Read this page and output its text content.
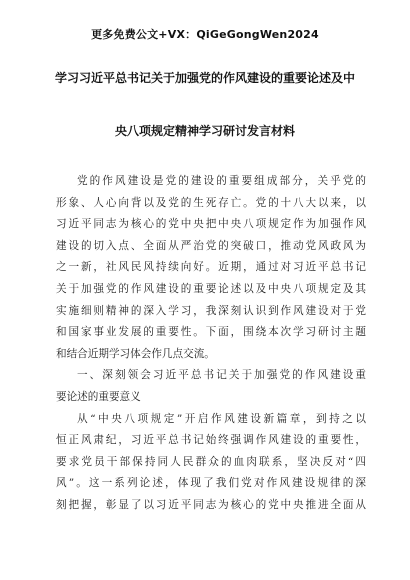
更多免费公文+VX：QiGeGongWen2024
学习习近平总书记关于加强党的作风建设的重要论述及中
央八项规定精神学习研讨发言材料
党的作风建设是党的建设的重要组成部分，关乎党的
形象、人心向背以及党的生死存亡。党的十八大以来，以
习近平同志为核心的党中央把中央八项规定作为加强作风
建设的切入点、全面从严治党的突破口，推动党风政风为
之一新，社风民风持续向好。近期，通过对习近平总书记
关于加强党的作风建设的重要论述以及中央八项规定及其
实施细则精神的深入学习，我深刻认识到作风建设对于党
和国家事业发展的重要性。下面，围绕本次学习研讨主题
和结合近期学习体会作几点交流。
一、深刻领会习近平总书记关于加强党的作风建设重
要论述的重要意义
从“中央八项规定”开启作风建设新篇章，到持之以
恒正风肃纪，习近平总书记始终强调作风建设的重要性，
要求党员干部保持同人民群众的血肉联系，坚决反对“四
风”。这一系列论述，体现了我们党对作风建设规律的深
刻把握，彰显了以习近平同志为核心的党中央推进全面从
